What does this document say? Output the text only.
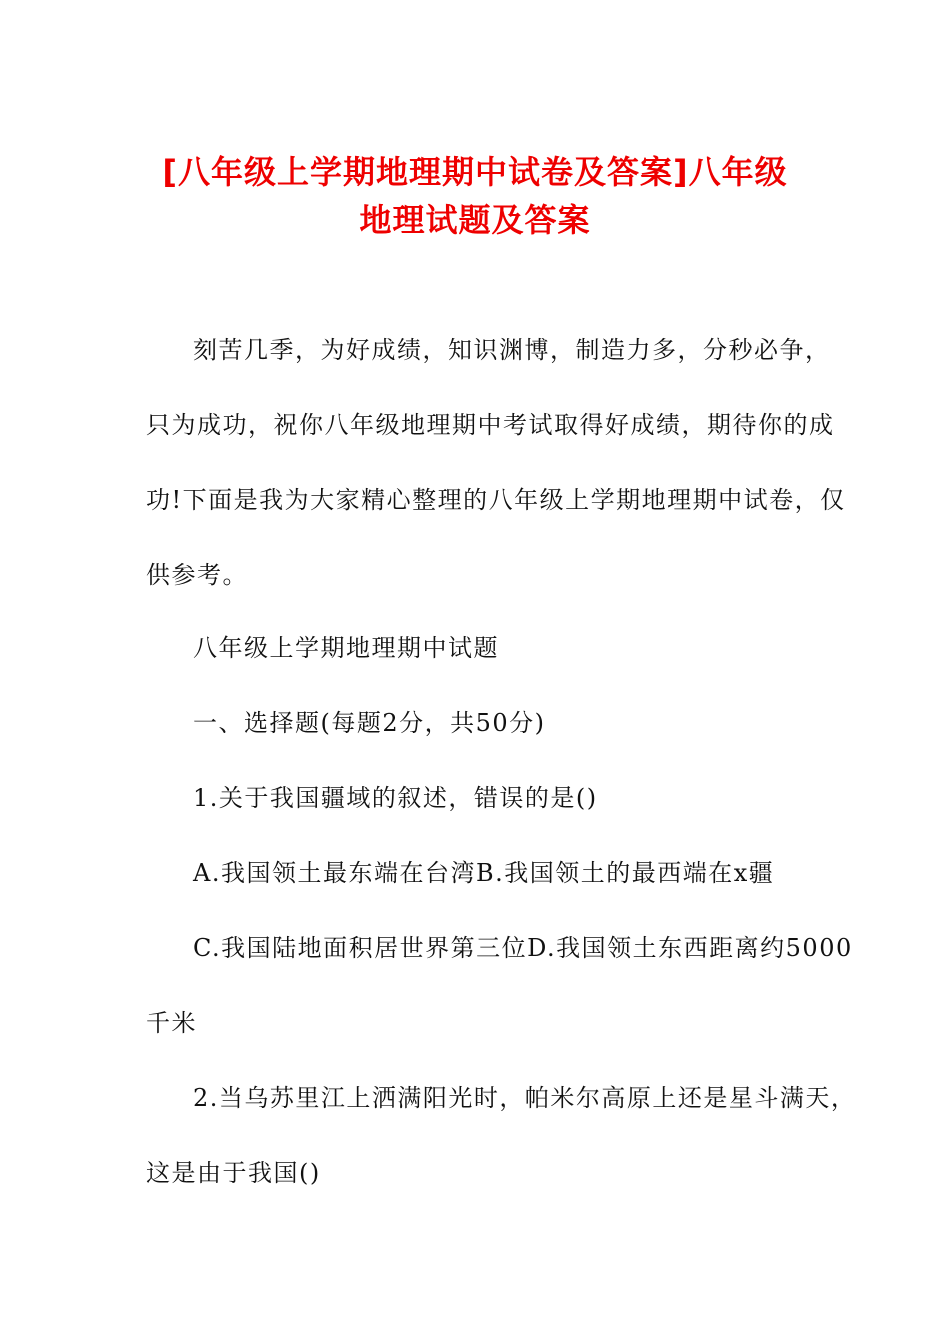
[八年级上学期地理期中试卷及答案]八年级
地理试题及答案
刻苦几季，为好成绩，知识渊博，制造力多，分秒必争，
只为成功，祝你八年级地理期中考试取得好成绩，期待你的成
功!下面是我为大家精心整理的八年级上学期地理期中试卷，仅
供参考。
八年级上学期地理期中试题
一、选择题(每题2分，共50分)
1.关于我国疆域的叙述，错误的是()
A.我国领土最东端在台湾B.我国领土的最西端在x疆
C.我国陆地面积居世界第三位D.我国领土东西距离约5000
千米
2.当乌苏里江上洒满阳光时，帕米尔高原上还是星斗满天，
这是由于我国()
